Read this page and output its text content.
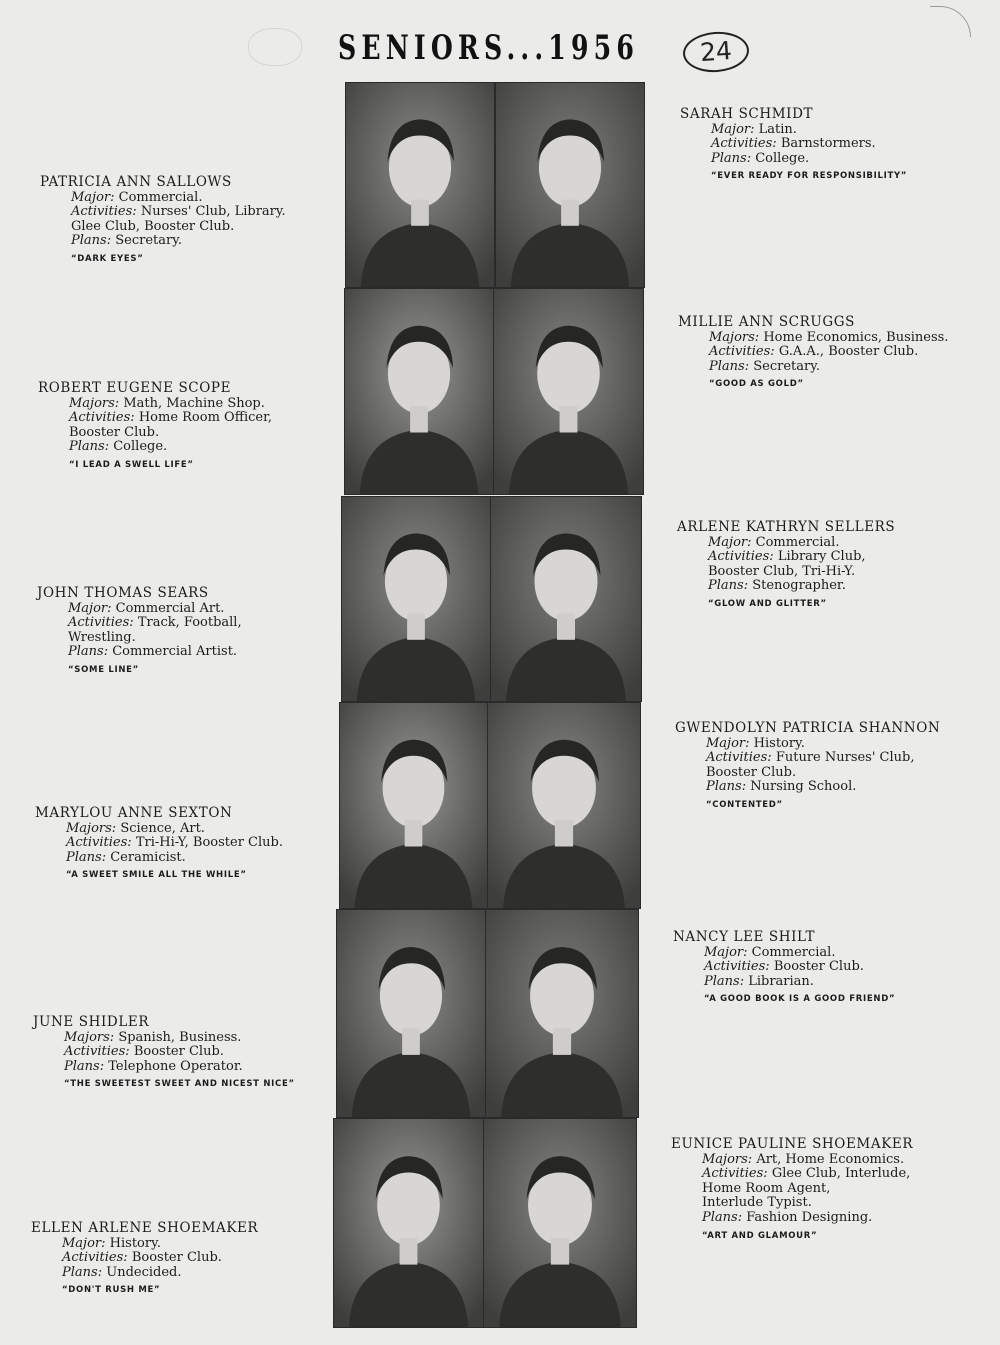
SENIORS...1956	24
PATRICIA ANN SALLOWS
Major: Commercial.
Activities: Nurses' Club, Library.
Glee Club, Booster Club.
Plans: Secretary.
“DARK EYES”
ROBERT EUGENE SCOPE
Majors: Math, Machine Shop.
Activities: Home Room Officer,
Booster Club.
Plans: College.
“I LEAD A SWELL LIFE”
JOHN THOMAS SEARS
Major: Commercial Art.
Activities: Track, Football,
Wrestling.
Plans: Commercial Artist.
“SOME LINE”
MARYLOU ANNE SEXTON
Majors: Science, Art.
Activities: Tri-Hi-Y, Booster Club.
Plans: Ceramicist.
“A SWEET SMILE ALL THE WHILE”
JUNE SHIDLER
Majors: Spanish, Business.
Activities: Booster Club.
Plans: Telephone Operator.
“THE SWEETEST SWEET AND NICEST NICE”
ELLEN ARLENE SHOEMAKER
Major: History.
Activities: Booster Club.
Plans: Undecided.
“DON'T RUSH ME”
SARAH SCHMIDT
Major: Latin.
Activities: Barnstormers.
Plans: College.
“EVER READY FOR RESPONSIBILITY”
MILLIE ANN SCRUGGS
Majors: Home Economics, Business.
Activities: G.A.A., Booster Club.
Plans: Secretary.
“GOOD AS GOLD”
ARLENE KATHRYN SELLERS
Major: Commercial.
Activities: Library Club,
Booster Club, Tri-Hi-Y.
Plans: Stenographer.
“GLOW AND GLITTER”
GWENDOLYN PATRICIA SHANNON
Major: History.
Activities: Future Nurses' Club,
Booster Club.
Plans: Nursing School.
“CONTENTED”
NANCY LEE SHILT
Major: Commercial.
Activities: Booster Club.
Plans: Librarian.
“A GOOD BOOK IS A GOOD FRIEND”
EUNICE PAULINE SHOEMAKER
Majors: Art, Home Economics.
Activities: Glee Club, Interlude,
Home Room Agent,
Interlude Typist.
Plans: Fashion Designing.
“ART AND GLAMOUR”
